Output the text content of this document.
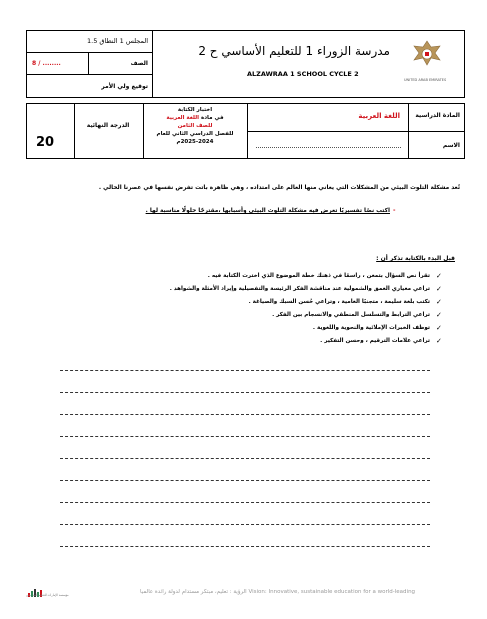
المجلس 1 النطاق 1.5
8 / ........	الصف
توقيع ولي الأمر
مدرسة الزوراء 1 للتعليم الأساسي ح 2
ALZAWRAA 1 SCHOOL CYCLE 2
UNITED ARAB EMIRATES
المادة الدراسية
اللغة العربية
الاسم
اختبار الكتابة
في مادة اللغة العربية
للصف الثامن
للفصل الدراسي الثاني للعام
2025-2024م
الدرجة النهائية
20
تُعد مشكلة التلوث البيئي من المشكلات التي يعاني منها العالم على امتداده ، وهي ظاهرة باتت تفرض نفسها في عصرنا الحالي .
-
اكتب نصًا تفسيريًا تعرض فيه مشكلة التلوث البيئي وأسبابها ،مقترحًا حلولًا مناسبة لها .
قبل البدء بالكتابة تذكر أن :
تقرأ نص السؤال بتمعن ، راسمًا في ذهنك خطة الموضوع الذي اخترت الكتابة فيه . ✓
تراعي معياري العمق والشمولية عند مناقشة الفكر الرئيسة والتفصيلية وإيراد الأمثلة والشواهد . ✓
تكتب بلغة سليمة ، متجنبًا العامية ، وتراعي حُسن السبك والصياغة . ✓
تراعي الترابط والتسلسل المنطقي والانسجام بين الفكر . ✓
توظف الخبرات الإملائية والنحوية واللغوية . ✓
تراعي علامات الترقيم ، وحسن التفكير . ✓
الرؤية : تعليم، مبتكر مستدام لدولة رائدة عالميا Vision: Innovative, sustainable education for a world-leading
مؤسسة الإمارات للتعليم المدرسي
